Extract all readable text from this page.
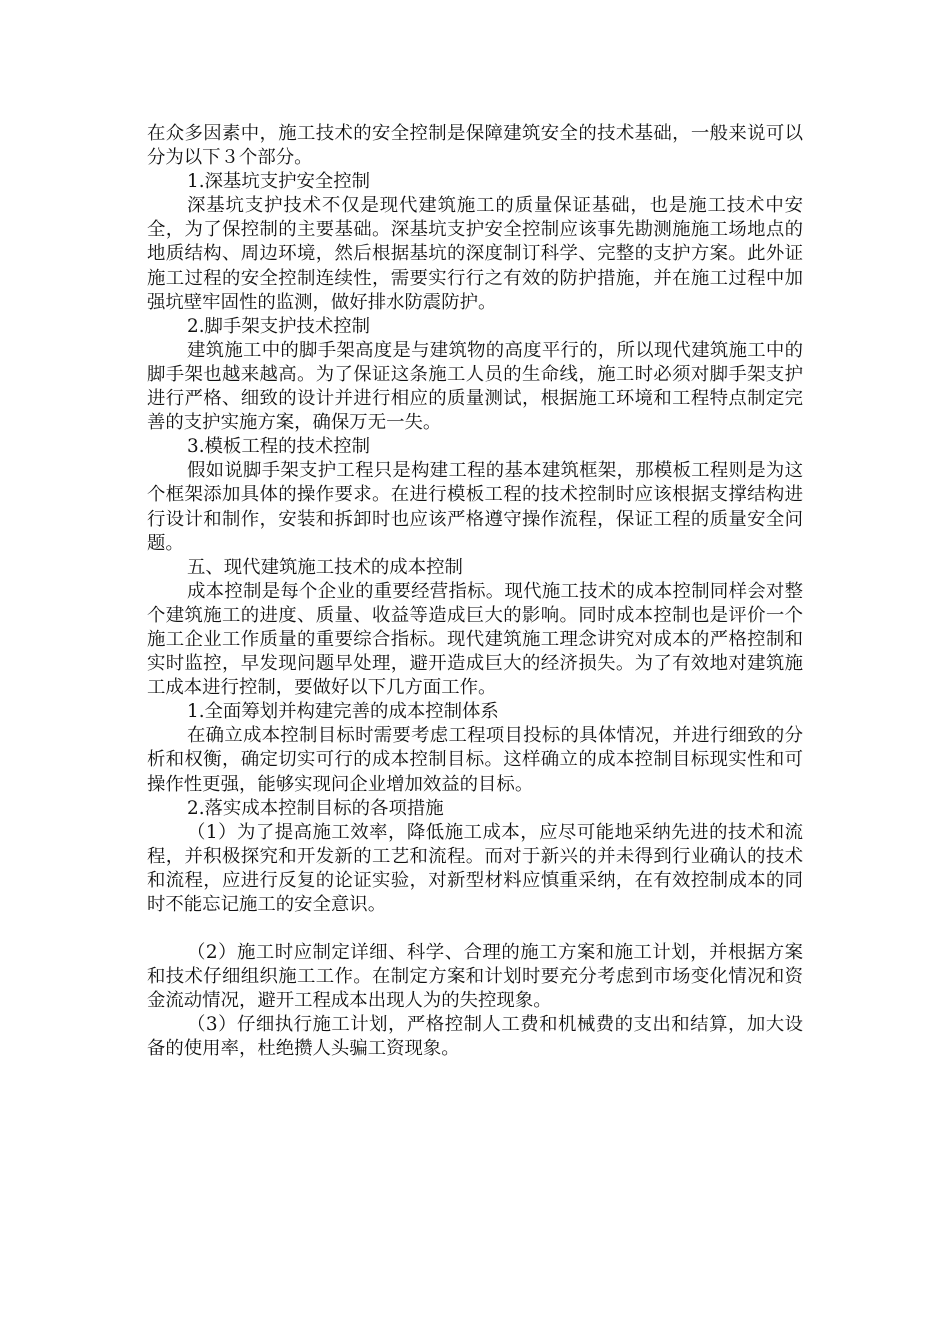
在众多因素中，施工技术的安全控制是保障建筑安全的技术基础，一般来说可以分为以下３个部分。

1.深基坑支护安全控制

深基坑支护技术不仅是现代建筑施工的质量保证基础，也是施工技术中安全，为了保控制的主要基础。深基坑支护安全控制应该事先勘测施施工场地点的地质结构、周边环境，然后根据基坑的深度制订科学、完整的支护方案。此外证施工过程的安全控制连续性，需要实行行之有效的防护措施，并在施工过程中加强坑壁牢固性的监测，做好排水防震防护。

2.脚手架支护技术控制

建筑施工中的脚手架高度是与建筑物的高度平行的，所以现代建筑施工中的脚手架也越来越高。为了保证这条施工人员的生命线，施工时必须对脚手架支护进行严格、细致的设计并进行相应的质量测试，根据施工环境和工程特点制定完善的支护实施方案，确保万无一失。

3.模板工程的技术控制

假如说脚手架支护工程只是构建工程的基本建筑框架，那模板工程则是为这个框架添加具体的操作要求。在进行模板工程的技术控制时应该根据支撑结构进行设计和制作，安装和拆卸时也应该严格遵守操作流程，保证工程的质量安全问题。

五、现代建筑施工技术的成本控制

成本控制是每个企业的重要经营指标。现代施工技术的成本控制同样会对整个建筑施工的进度、质量、收益等造成巨大的影响。同时成本控制也是评价一个施工企业工作质量的重要综合指标。现代建筑施工理念讲究对成本的严格控制和实时监控，早发现问题早处理，避开造成巨大的经济损失。为了有效地对建筑施工成本进行控制，要做好以下几方面工作。

1.全面筹划并构建完善的成本控制体系

在确立成本控制目标时需要考虑工程项目投标的具体情况，并进行细致的分析和权衡，确定切实可行的成本控制目标。这样确立的成本控制目标现实性和可操作性更强，能够实现问企业增加效益的目标。

2.落实成本控制目标的各项措施

（1）为了提高施工效率，降低施工成本，应尽可能地采纳先进的技术和流程，并积极探究和开发新的工艺和流程。而对于新兴的并未得到行业确认的技术和流程，应进行反复的论证实验，对新型材料应慎重采纳，在有效控制成本的同时不能忘记施工的安全意识。

（2）施工时应制定详细、科学、合理的施工方案和施工计划，并根据方案和技术仔细组织施工工作。在制定方案和计划时要充分考虑到市场变化情况和资金流动情况，避开工程成本出现人为的失控现象。

（3）仔细执行施工计划，严格控制人工费和机械费的支出和结算，加大设备的使用率，杜绝攒人头骗工资现象。
